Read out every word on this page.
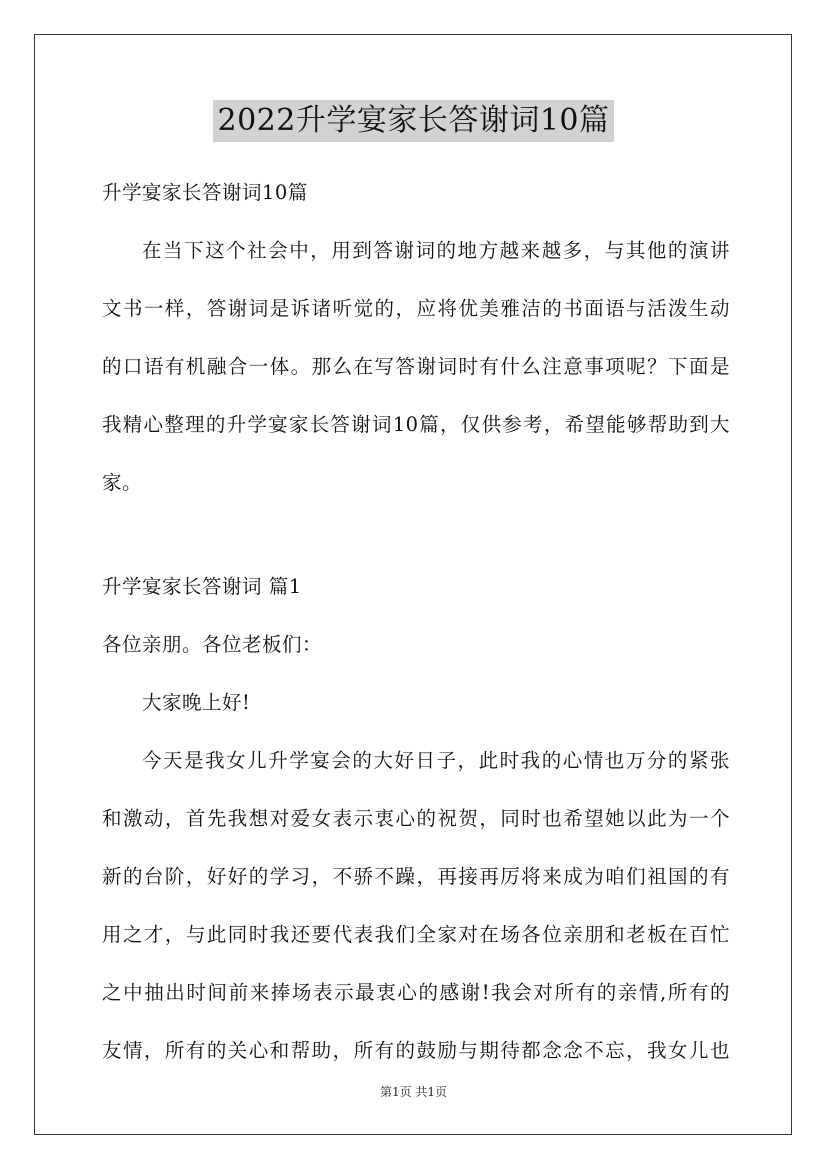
2022升学宴家长答谢词10篇
升学宴家长答谢词10篇
在当下这个社会中，用到答谢词的地方越来越多，与其他的演讲
文书一样，答谢词是诉诸听觉的，应将优美雅洁的书面语与活泼生动
的口语有机融合一体。那么在写答谢词时有什么注意事项呢？下面是
我精心整理的升学宴家长答谢词10篇，仅供参考，希望能够帮助到大
家。
升学宴家长答谢词 篇1
各位亲朋。各位老板们：
大家晚上好!
今天是我女儿升学宴会的大好日子，此时我的心情也万分的紧张
和激动，首先我想对爱女表示衷心的祝贺，同时也希望她以此为一个
新的台阶，好好的学习，不骄不躁，再接再厉将来成为咱们祖国的有
用之才，与此同时我还要代表我们全家对在场各位亲朋和老板在百忙
之中抽出时间前来捧场表示最衷心的感谢!我会对所有的亲情,所有的
友情，所有的关心和帮助，所有的鼓励与期待都念念不忘，我女儿也
第1页 共1页
